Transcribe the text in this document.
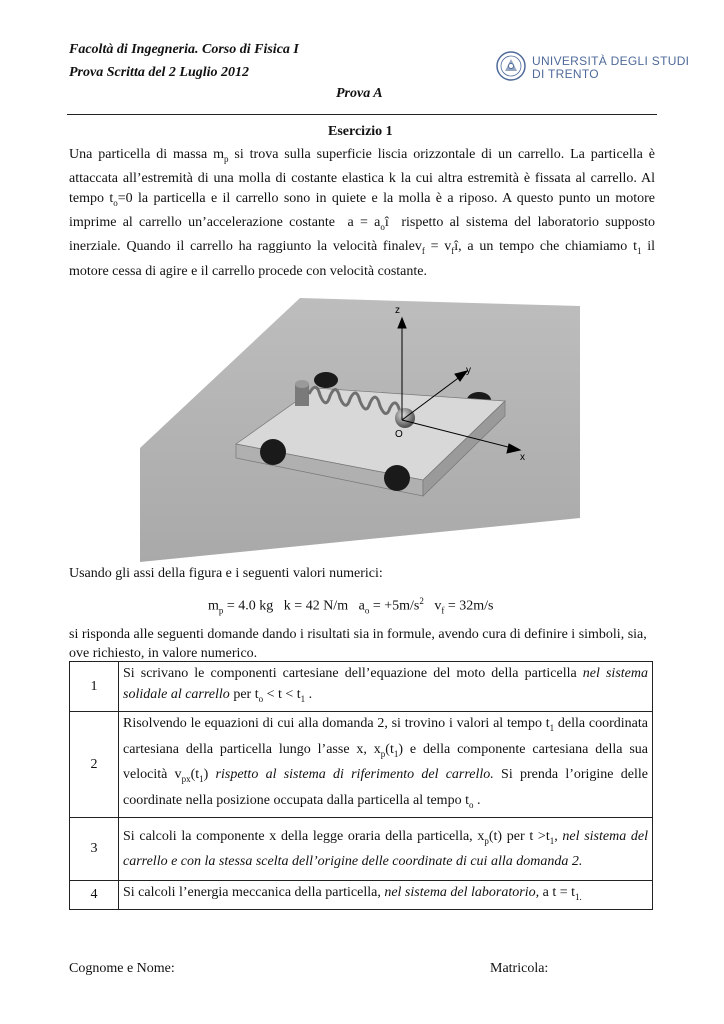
Facoltà di Ingegneria. Corso di Fisica I
Prova Scritta del 2 Luglio 2012
Prova A
UNIVERSITÀ DEGLI STUDI
DI TRENTO
Esercizio 1
Una particella di massa $m_p$ si trova sulla superficie liscia orizzontale di un carrello. La particella è attaccata all’estremità di una molla di costante elastica k la cui altra estremità è fissata al carrello. Al tempo $t_o=0$ la particella e il carrello sono in quiete e la molla è a riposo. A questo punto un motore imprime al carrello un’accelerazione costante $a = a_oî$ rispetto al sistema del laboratorio supposto inerziale. Quando il carrello ha raggiunto la velocità finalev$_f$ = $v_fî$, a un tempo che chiamiamo $t_1$ il motore cessa di agire e il carrello procede con velocità costante.
z
y
x
O
Usando gli assi della figura e i seguenti valori numerici:
$m_p = 4.0$ kg k = 42 N/m $a_o = +5m/s^2$ $v_f = 32m/s$
si risponda alle seguenti domande dando i risultati sia in formule, avendo cura di definire i simboli, sia, ove richiesto, in valore numerico.
1	Si scrivano le componenti cartesiane dell’equazione del moto della particella nel sistema solidale al carrello per $t_o < t < t_1$ .
2	Risolvendo le equazioni di cui alla domanda 2, si trovino i valori al tempo $t_1$ della coordinata cartesiana della particella lungo l’asse x, $x_p(t_1)$ e della componente cartesiana della sua velocità $v_{px}(t_1)$ rispetto al sistema di riferimento del carrello. Si prenda l’origine delle coordinate nella posizione occupata dalla particella al tempo $t_o$ .
3	Si calcoli la componente x della legge oraria della particella, $x_p(t)$ per $t >t_1$, nel sistema del carrello e con la stessa scelta dell’origine delle coordinate di cui alla domanda 2.
4	Si calcoli l’energia meccanica della particella, nel sistema del laboratorio, a $t = t_{1.}$
Cognome e Nome:	Matricola:
